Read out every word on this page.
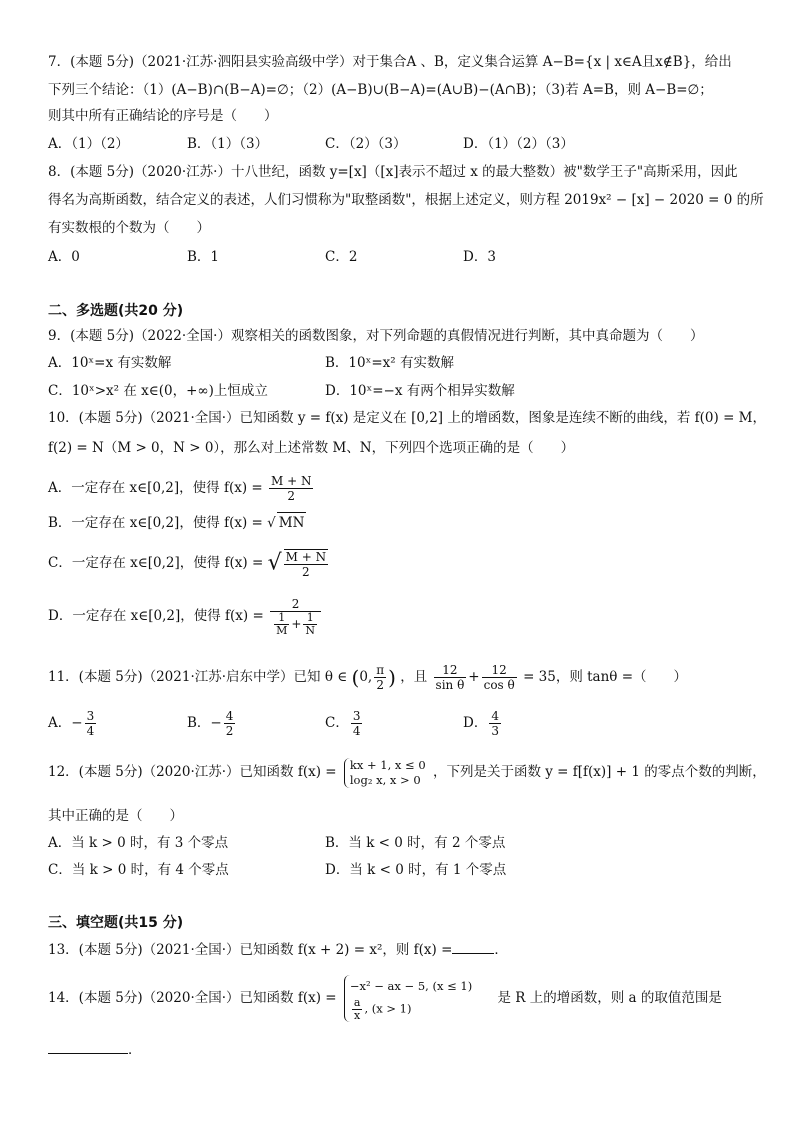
7．(本题 5分)（2021·江苏·泗阳县实验高级中学）对于集合A 、B，定义集合运算 A−B={x | x∈A且x∉B}，给出
下列三个结论：（1）(A−B)∩(B−A)=∅；（2）(A−B)∪(B−A)=(A∪B)−(A∩B)；（3)若 A=B，则 A−B=∅；
则其中所有正确结论的序号是（　　）
A．（1）（2）	B．（1）（3）	C．（2）（3）	D．（1）（2）（3）
8．(本题 5分)（2020·江苏·）十八世纪，函数 y=[x]（[x]表示不超过 x 的最大整数）被"数学王子"高斯采用，因此
得名为高斯函数，结合定义的表述，人们习惯称为"取整函数"，根据上述定义，则方程 2019x² − [x] − 2020 = 0 的所
有实数根的个数为（　　）
A．0	B．1	C．2	D．3
二、多选题(共20 分)
9．(本题 5分)（2022·全国·）观察相关的函数图象，对下列命题的真假情况进行判断，其中真命题为（　　）
A．10ˣ=x 有实数解	B．10ˣ=x² 有实数解
C．10ˣ>x² 在 x∈(0，+∞)上恒成立	D．10ˣ=−x 有两个相异实数解
10．(本题 5分)（2021·全国·）已知函数 y = f(x) 是定义在 [0,2] 上的增函数，图象是连续不断的曲线，若 f(0) = M，
f(2) = N（M > 0，N > 0），那么对上述常数 M、N，下列四个选项正确的是（　　）
A．一定存在 x∈[0,2]，使得 $f(x) = \frac{M + N}{2}$
B．一定存在 x∈[0,2]，使得 f(x) = √ MN
C．一定存在 x∈[0,2]，使得 f(x) = √ $\frac{M + N}{2}$
D．一定存在 x∈[0,2]，使得 $f(x) = \frac{2}{\frac{1}{M} + \frac{1}{N}}$
11．(本题 5分)（2021·江苏·启东中学）已知 θ ∈ (0, $\frac{\pi}{2}$ ) ，且 $\frac{12}{\text{sin θ}} + \frac{12}{\text{cos θ}} = 35$，则 tanθ =（　　）
A．− $\frac{3}{4}$	B．− $\frac{4}{2}$	C． $\frac{3}{4}$	D． $\frac{4}{3}$
12．(本题 5分)（2020·江苏·）已知函数 f(x) = kx + 1, x ≤ 0
log₂ x, x > 0 ，下列是关于函数 y = f[f(x)] + 1 的零点个数的判断，
其中正确的是（　　）
A．当 k > 0 时，有 3 个零点	B．当 k < 0 时，有 2 个零点
C．当 k > 0 时，有 4 个零点	D．当 k < 0 时，有 1 个零点
三、填空题(共15 分)
13．(本题 5分)（2021·全国·）已知函数 f(x + 2) = x²，则 f(x) =	．
14．(本题 5分)（2020·全国·）已知函数 f(x) =
−x² − ax − 5, (x ≤ 1)
$\frac{a}{x}$ , (x > 1)
是 R 上的增函数，则 a 的取值范围是
．
